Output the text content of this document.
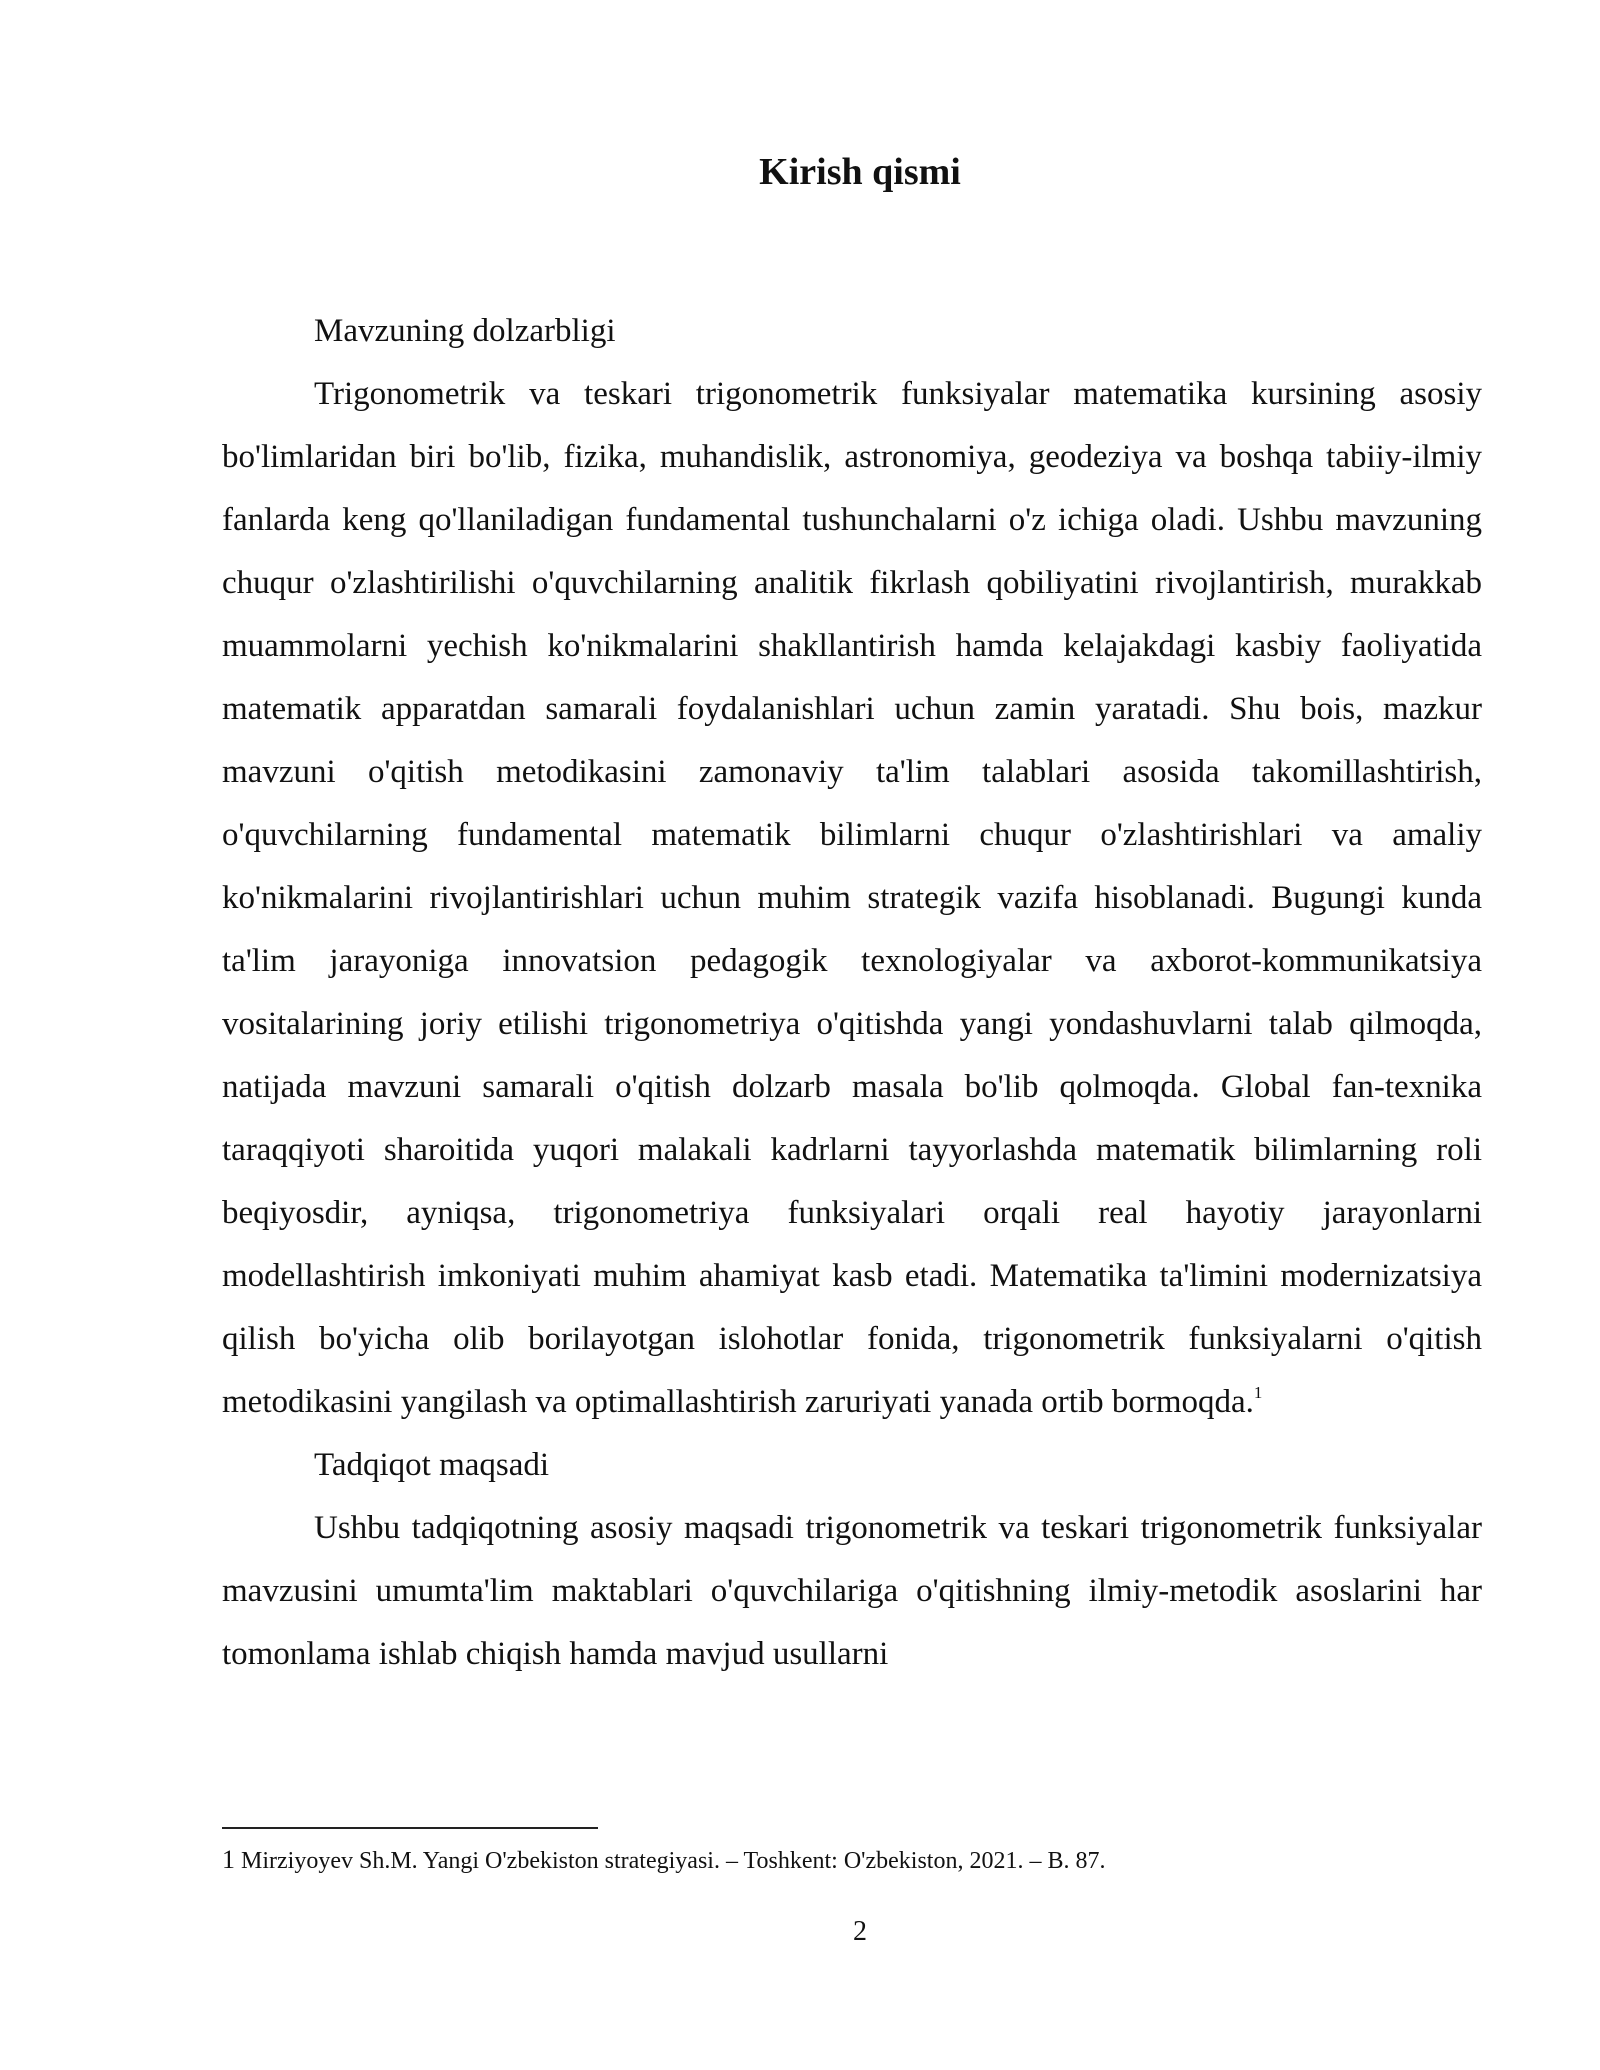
Kirish qismi

Mavzuning dolzarbligi

Trigonometrik va teskari trigonometrik funksiyalar matematika kursining asosiy bo'limlaridan biri bo'lib, fizika, muhandislik, astronomiya, geodeziya va boshqa tabiiy-ilmiy fanlarda keng qo'llaniladigan fundamental tushunchalarni o'z ichiga oladi. Ushbu mavzuning chuqur o'zlashtirilishi o'quvchilarning analitik fikrlash qobiliyatini rivojlantirish, murakkab muammolarni yechish ko'nikmalarini shakllantirish hamda kelajakdagi kasbiy faoliyatida matematik apparatdan samarali foydalanishlari uchun zamin yaratadi. Shu bois, mazkur mavzuni o'qitish metodikasini zamonaviy ta'lim talablari asosida takomillashtirish, o'quvchilarning fundamental matematik bilimlarni chuqur o'zlashtirishlari va amaliy ko'nikmalarini rivojlantirishlari uchun muhim strategik vazifa hisoblanadi. Bugungi kunda ta'lim jarayoniga innovatsion pedagogik texnologiyalar va axborot-kommunikatsiya vositalarining joriy etilishi trigonometriya o'qitishda yangi yondashuvlarni talab qilmoqda, natijada mavzuni samarali o'qitish dolzarb masala bo'lib qolmoqda. Global fan-texnika taraqqiyoti sharoitida yuqori malakali kadrlarni tayyorlashda matematik bilimlarning roli beqiyosdir, ayniqsa, trigonometriya funksiyalari orqali real hayotiy jarayonlarni modellashtirish imkoniyati muhim ahamiyat kasb etadi. Matematika ta'limini modernizatsiya qilish bo'yicha olib borilayotgan islohotlar fonida, trigonometrik funksiyalarni o'qitish metodikasini yangilash va optimallashtirish zaruriyati yanada ortib bormoqda.$^1$

Tadqiqot maqsadi

Ushbu tadqiqotning asosiy maqsadi trigonometrik va teskari trigonometrik funksiyalar mavzusini umumta'lim maktablari o'quvchilariga o'qitishning ilmiy-metodik asoslarini har tomonlama ishlab chiqish hamda mavjud usullarni

1 Mirziyoyev Sh.M. Yangi O'zbekiston strategiyasi. – Toshkent: O'zbekiston, 2021. – B. 87.
2
